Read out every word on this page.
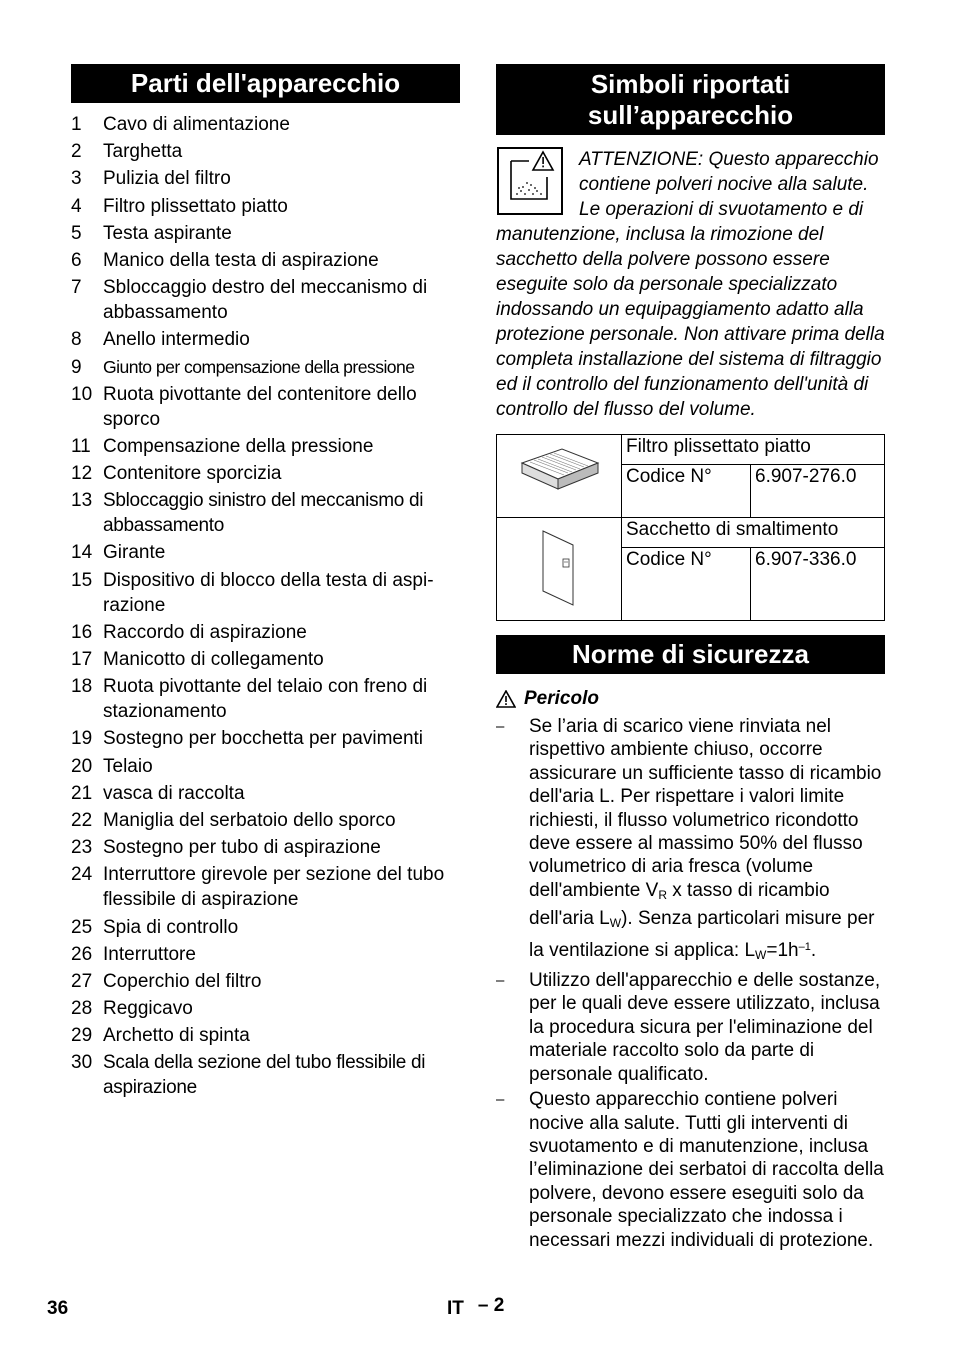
Parti dell'apparecchio
1	Cavo di alimentazione
2	Targhetta
3	Pulizia del filtro
4	Filtro plissettato piatto
5	Testa aspirante
6	Manico della testa di aspirazione
7	Sbloccaggio destro del meccanismo di abbassamento
8	Anello intermedio
9	Giunto per compensazione della pressione
10 Ruota pivottante del contenitore dello sporco
11 Compensazione della pressione
12 Contenitore sporcizia
13 Sbloccaggio sinistro del meccanismo di abbassamento
14 Girante
15 Dispositivo di blocco della testa di aspi-razione
16 Raccordo di aspirazione
17 Manicotto di collegamento
18 Ruota pivottante del telaio con freno di stazionamento
19 Sostegno per bocchetta per pavimenti
20 Telaio
21 vasca di raccolta
22 Maniglia del serbatoio dello sporco
23 Sostegno per tubo di aspirazione
24 Interruttore girevole per sezione del tubo flessibile di aspirazione
25 Spia di controllo
26 Interruttore
27 Coperchio del filtro
28 Reggicavo
29 Archetto di spinta
30 Scala della sezione del tubo flessibile di aspirazione
Simboli riportati
sull’apparecchio

ATTENZIONE: Questo apparecchio contiene polveri nocive alla salute. Le operazioni di svuotamento e di manutenzione, inclusa la rimozione del sacchetto della polvere possono essere eseguite solo da personale specializzato indossando un equipaggiamento adatto alla protezione personale. Non attivare prima della completa installazione del sistema di filtraggio ed il controllo del funzionamento dell'unità di controllo del flusso del volume.

	Filtro plissettato piatto	
	Codice N°	6.907-276.0
	Sacchetto di smaltimento	
	Codice N°	6.907-336.0
Norme di sicurezza
Pericolo
–	Se l’aria di scarico viene rinviata nel rispettivo ambiente chiuso, occorre assicurare un sufficiente tasso di ricambio dell'aria L. Per rispettare i valori limite richiesti, il flusso volumetrico ricondotto deve essere al massimo 50% del flusso volumetrico di aria fresca (volume dell'ambiente $V_R$ x tasso di ricambio dell'aria $L_W$). Senza particolari misure per la ventilazione si applica: $L_W=1h^{-1}$.
–	Utilizzo dell'apparecchio e delle sostanze, per le quali deve essere utilizzato, inclusa la procedura sicura per l'eliminazione del materiale raccolto solo da parte di personale qualificato.
–	Questo apparecchio contiene polveri nocive alla salute. Tutti gli interventi di svuotamento e di manutenzione, inclusa l’eliminazione dei serbatoi di raccolta della polvere, devono essere eseguiti solo da personale specializzato che indossa i necessari mezzi individuali di protezione.
36	IT – 2
